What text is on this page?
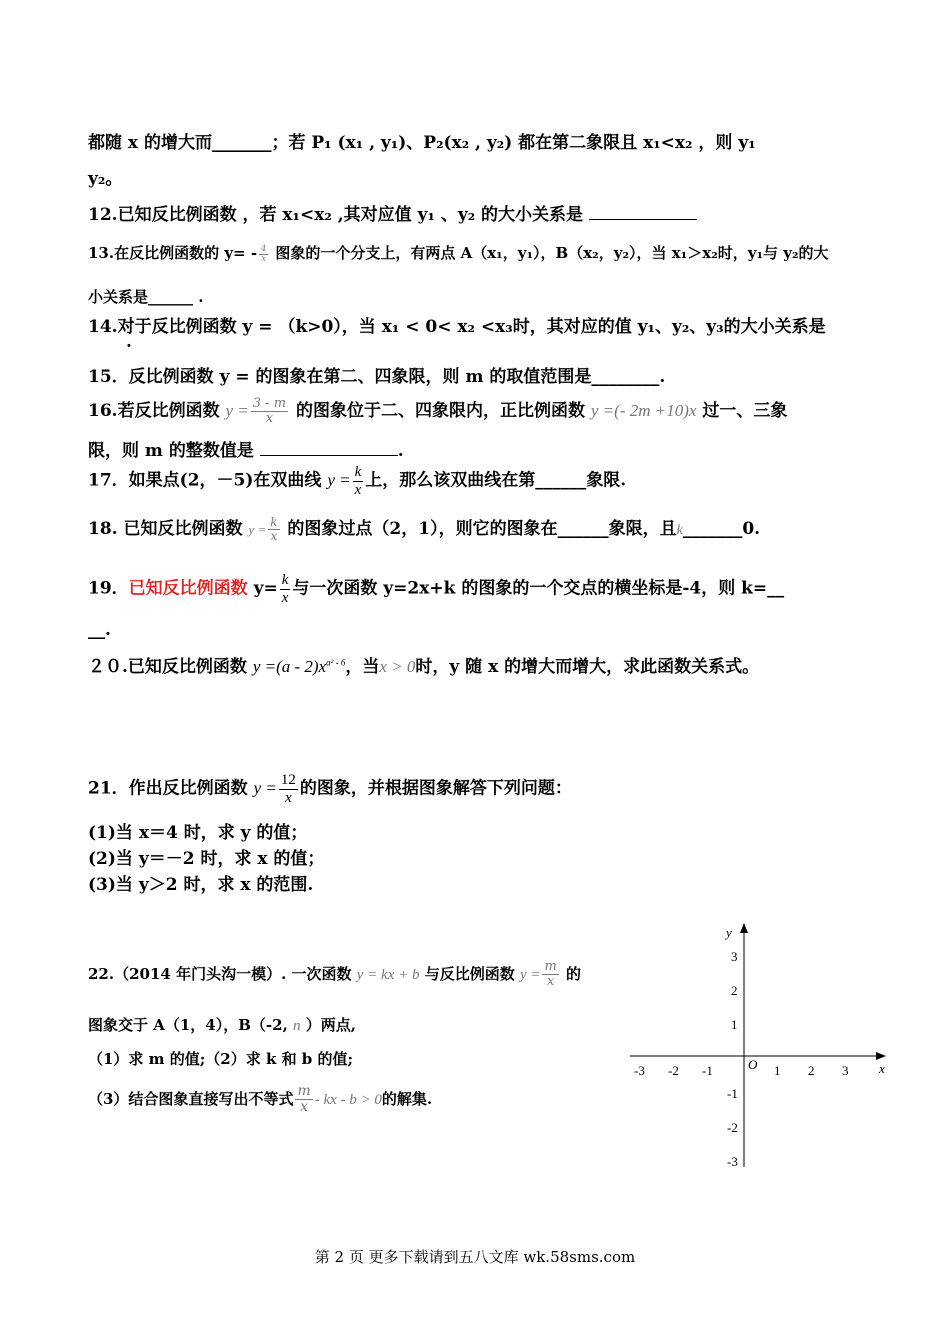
都随 x 的增大而_______；若 P₁ (x₁ , y₁)、P₂(x₂ , y₂) 都在第二象限且 x₁<x₂ ，则 y₁
y₂。
12.已知反比例函数 ，若 x₁<x₂ ,其对应值 y₁ 、y₂ 的大小关系是
13.在反比例函数的 $y= - \frac{4}{x}$ 图象的一个分支上，有两点 A（x₁，y₁），B（x₂，y₂），当 x₁＞x₂时，y₁与 y₂的大
小关系是______ .
14.对于反比例函数 y = （k>0），当 x₁ < 0< x₂ <x₃时，其对应的值 y₁、y₂、y₃的大小关系是
.
15．反比例函数 y = 的图象在第二、四象限，则 m 的取值范围是________.
16.若反比例函数 $y = \frac{3 - m}{x}$ 的图象位于二、四象限内，正比例函数 y =(- 2m +10)x 过一、三象
限，则 m 的整数值是	.
17．如果点(2，－5)在双曲线 $y = \frac{k}{x}$ 上，那么该双曲线在第______象限.
18. 已知反比例函数 $y = \frac{k}{x}$ 的图象过点（2，1），则它的图象在______象限，且k_______0.
19．已知反比例函数 $y= \frac{k}{x}$ 与一次函数 y=2x+k 的图象的一个交点的横坐标是-4，则 k=__
__.
２０.已知反比例函数 $y =(a - 2)x^{a^2 - 6}$，当x > 0时，y 随 x 的增大而增大，求此函数关系式。
21．作出反比例函数 $y = \frac{12}{x}$ 的图象，并根据图象解答下列问题：
(1)当 x＝4 时，求 y 的值；
(2)当 y＝－2 时，求 x 的值；
(3)当 y＞2 时，求 x 的范围.
22.（2014 年门头沟一模）. 一次函数 y = kx + b 与反比例函数 $y = \frac{m}{x}$ 的
图象交于 A（1，4），B（-2, n ）两点,
（1）求 m 的值;（2）求 k 和 b 的值;
（3）结合图象直接写出不等式 $\frac{m}{x}$ - kx - b > 0的解集.
x
y
O
-3 -2 -1	1 2 3
3
2
1
-1
-2
-3
第 2 页 更多下载请到五八文库 wk.58sms.com
